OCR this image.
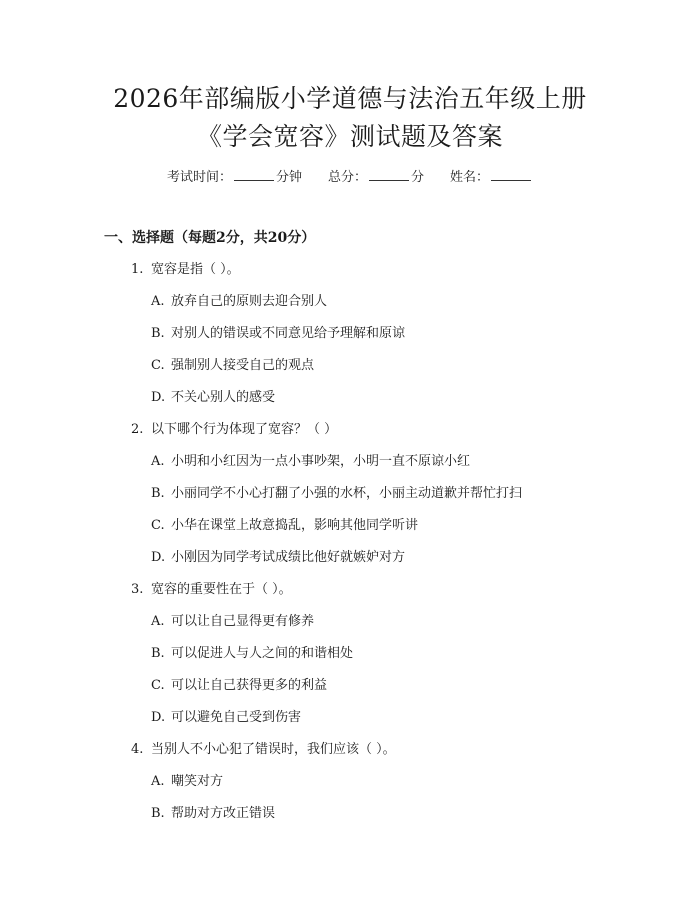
2026年部编版小学道德与法治五年级上册
《学会宽容》测试题及答案
考试时间：	分钟 总分：	分 姓名：
一、选择题（每题2分，共20分）
1. 宽容是指（ ）。
A. 放弃自己的原则去迎合别人
B. 对别人的错误或不同意见给予理解和原谅
C. 强制别人接受自己的观点
D. 不关心别人的感受
2. 以下哪个行为体现了宽容？（ ）
A. 小明和小红因为一点小事吵架，小明一直不原谅小红
B. 小丽同学不小心打翻了小强的水杯，小丽主动道歉并帮忙打扫
C. 小华在课堂上故意捣乱，影响其他同学听讲
D. 小刚因为同学考试成绩比他好就嫉妒对方
3. 宽容的重要性在于（ ）。
A. 可以让自己显得更有修养
B. 可以促进人与人之间的和谐相处
C. 可以让自己获得更多的利益
D. 可以避免自己受到伤害
4. 当别人不小心犯了错误时，我们应该（ ）。
A. 嘲笑对方
B. 帮助对方改正错误
